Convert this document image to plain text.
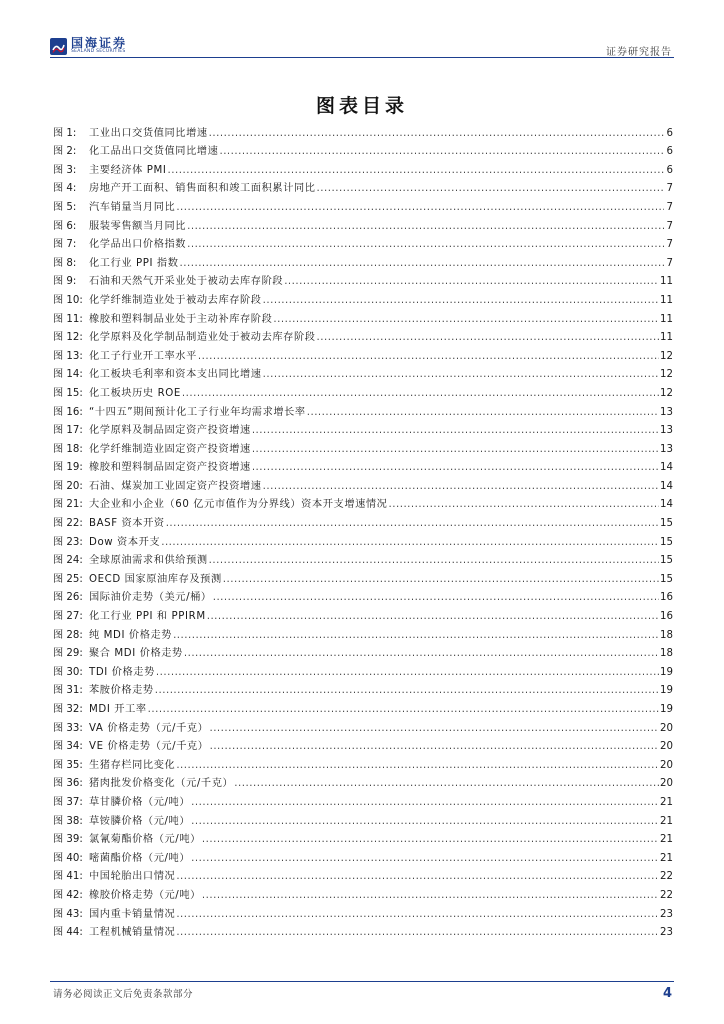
国海证券
SEALAND SECURITIES	证券研究报告
图表目录
图 1:	工业出口交货值同比增速 .....	6
图 2:	化工品出口交货值同比增速 .....	6
图 3:	主要经济体 PMI .....	6
图 4:	房地产开工面积、销售面积和竣工面积累计同比 .....	7
图 5:	汽车销量当月同比 .....	7
图 6:	服装零售额当月同比 .....	7
图 7:	化学品出口价格指数 .....	7
图 8:	化工行业 PPI 指数 .....	7
图 9:	石油和天然气开采业处于被动去库存阶段 .....	11
图 10: 化学纤维制造业处于被动去库存阶段 .....	11
图 11: 橡胶和塑料制品业处于主动补库存阶段 .....	11
图 12: 化学原料及化学制品制造业处于被动去库存阶段 .....	11
图 13: 化工子行业开工率水平 .....	12
图 14: 化工板块毛利率和资本支出同比增速 .....	12
图 15: 化工板块历史 ROE .....	12
图 16: “十四五”期间预计化工子行业年均需求增长率 .....	13
图 17: 化学原料及制品固定资产投资增速 .....	13
图 18: 化学纤维制造业固定资产投资增速 .....	13
图 19: 橡胶和塑料制品固定资产投资增速 .....	14
图 20: 石油、煤炭加工业固定资产投资增速 .....	14
图 21: 大企业和小企业（60 亿元市值作为分界线）资本开支增速情况 .....	14
图 22: BASF 资本开资 .....	15
图 23: Dow 资本开支 .....	15
图 24: 全球原油需求和供给预测 .....	15
图 25: OECD 国家原油库存及预测 .....	15
图 26: 国际油价走势（美元/桶） .....	16
图 27: 化工行业 PPI 和 PPIRM .....	16
图 28: 纯 MDI 价格走势 .....	18
图 29: 聚合 MDI 价格走势 .....	18
图 30: TDI 价格走势 .....	19
图 31: 苯胺价格走势 .....	19
图 32: MDI 开工率 .....	19
图 33: VA 价格走势（元/千克） .....	20
图 34: VE 价格走势（元/千克） .....	20
图 35: 生猪存栏同比变化 .....	20
图 36: 猪肉批发价格变化（元/千克） .....	20
图 37: 草甘膦价格（元/吨） .....	21
图 38: 草铵膦价格（元/吨） .....	21
图 39: 氯氰菊酯价格（元/吨） .....	21
图 40: 嘧菌酯价格（元/吨） .....	21
图 41: 中国轮胎出口情况 .....	22
图 42: 橡胶价格走势（元/吨） .....	22
图 43: 国内重卡销量情况 .....	23
图 44: 工程机械销量情况 .....	23
请务必阅读正文后免责条款部分	4
